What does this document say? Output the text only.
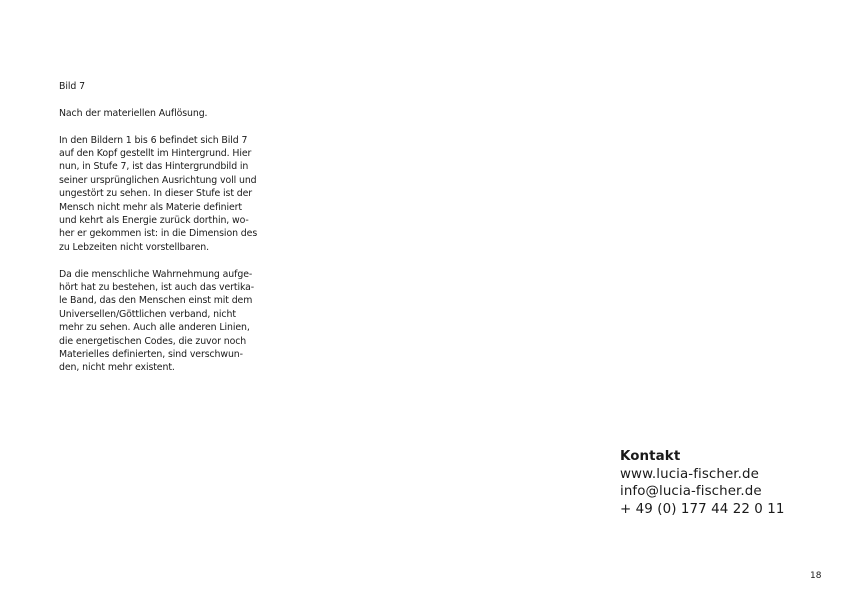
Bild 7

Nach der materiellen Auflösung.

In den Bildern 1 bis 6 befindet sich Bild 7
auf den Kopf gestellt im Hintergrund. Hier
nun, in Stufe 7, ist das Hintergrundbild in
seiner ursprünglichen Ausrichtung voll und
ungestört zu sehen. In dieser Stufe ist der
Mensch nicht mehr als Materie definiert
und kehrt als Energie zurück dorthin, wo-
her er gekommen ist: in die Dimension des
zu Lebzeiten nicht vorstellbaren.

Da die menschliche Wahrnehmung aufge-
hört hat zu bestehen, ist auch das vertika-
le Band, das den Menschen einst mit dem
Universellen/Göttlichen verband, nicht
mehr zu sehen. Auch alle anderen Linien,
die energetischen Codes, die zuvor noch
Materielles definierten, sind verschwun-
den, nicht mehr existent.

Kontakt
www.lucia-fischer.de
info@lucia-fischer.de
+ 49 (0) 177 44 22 0 11
18
